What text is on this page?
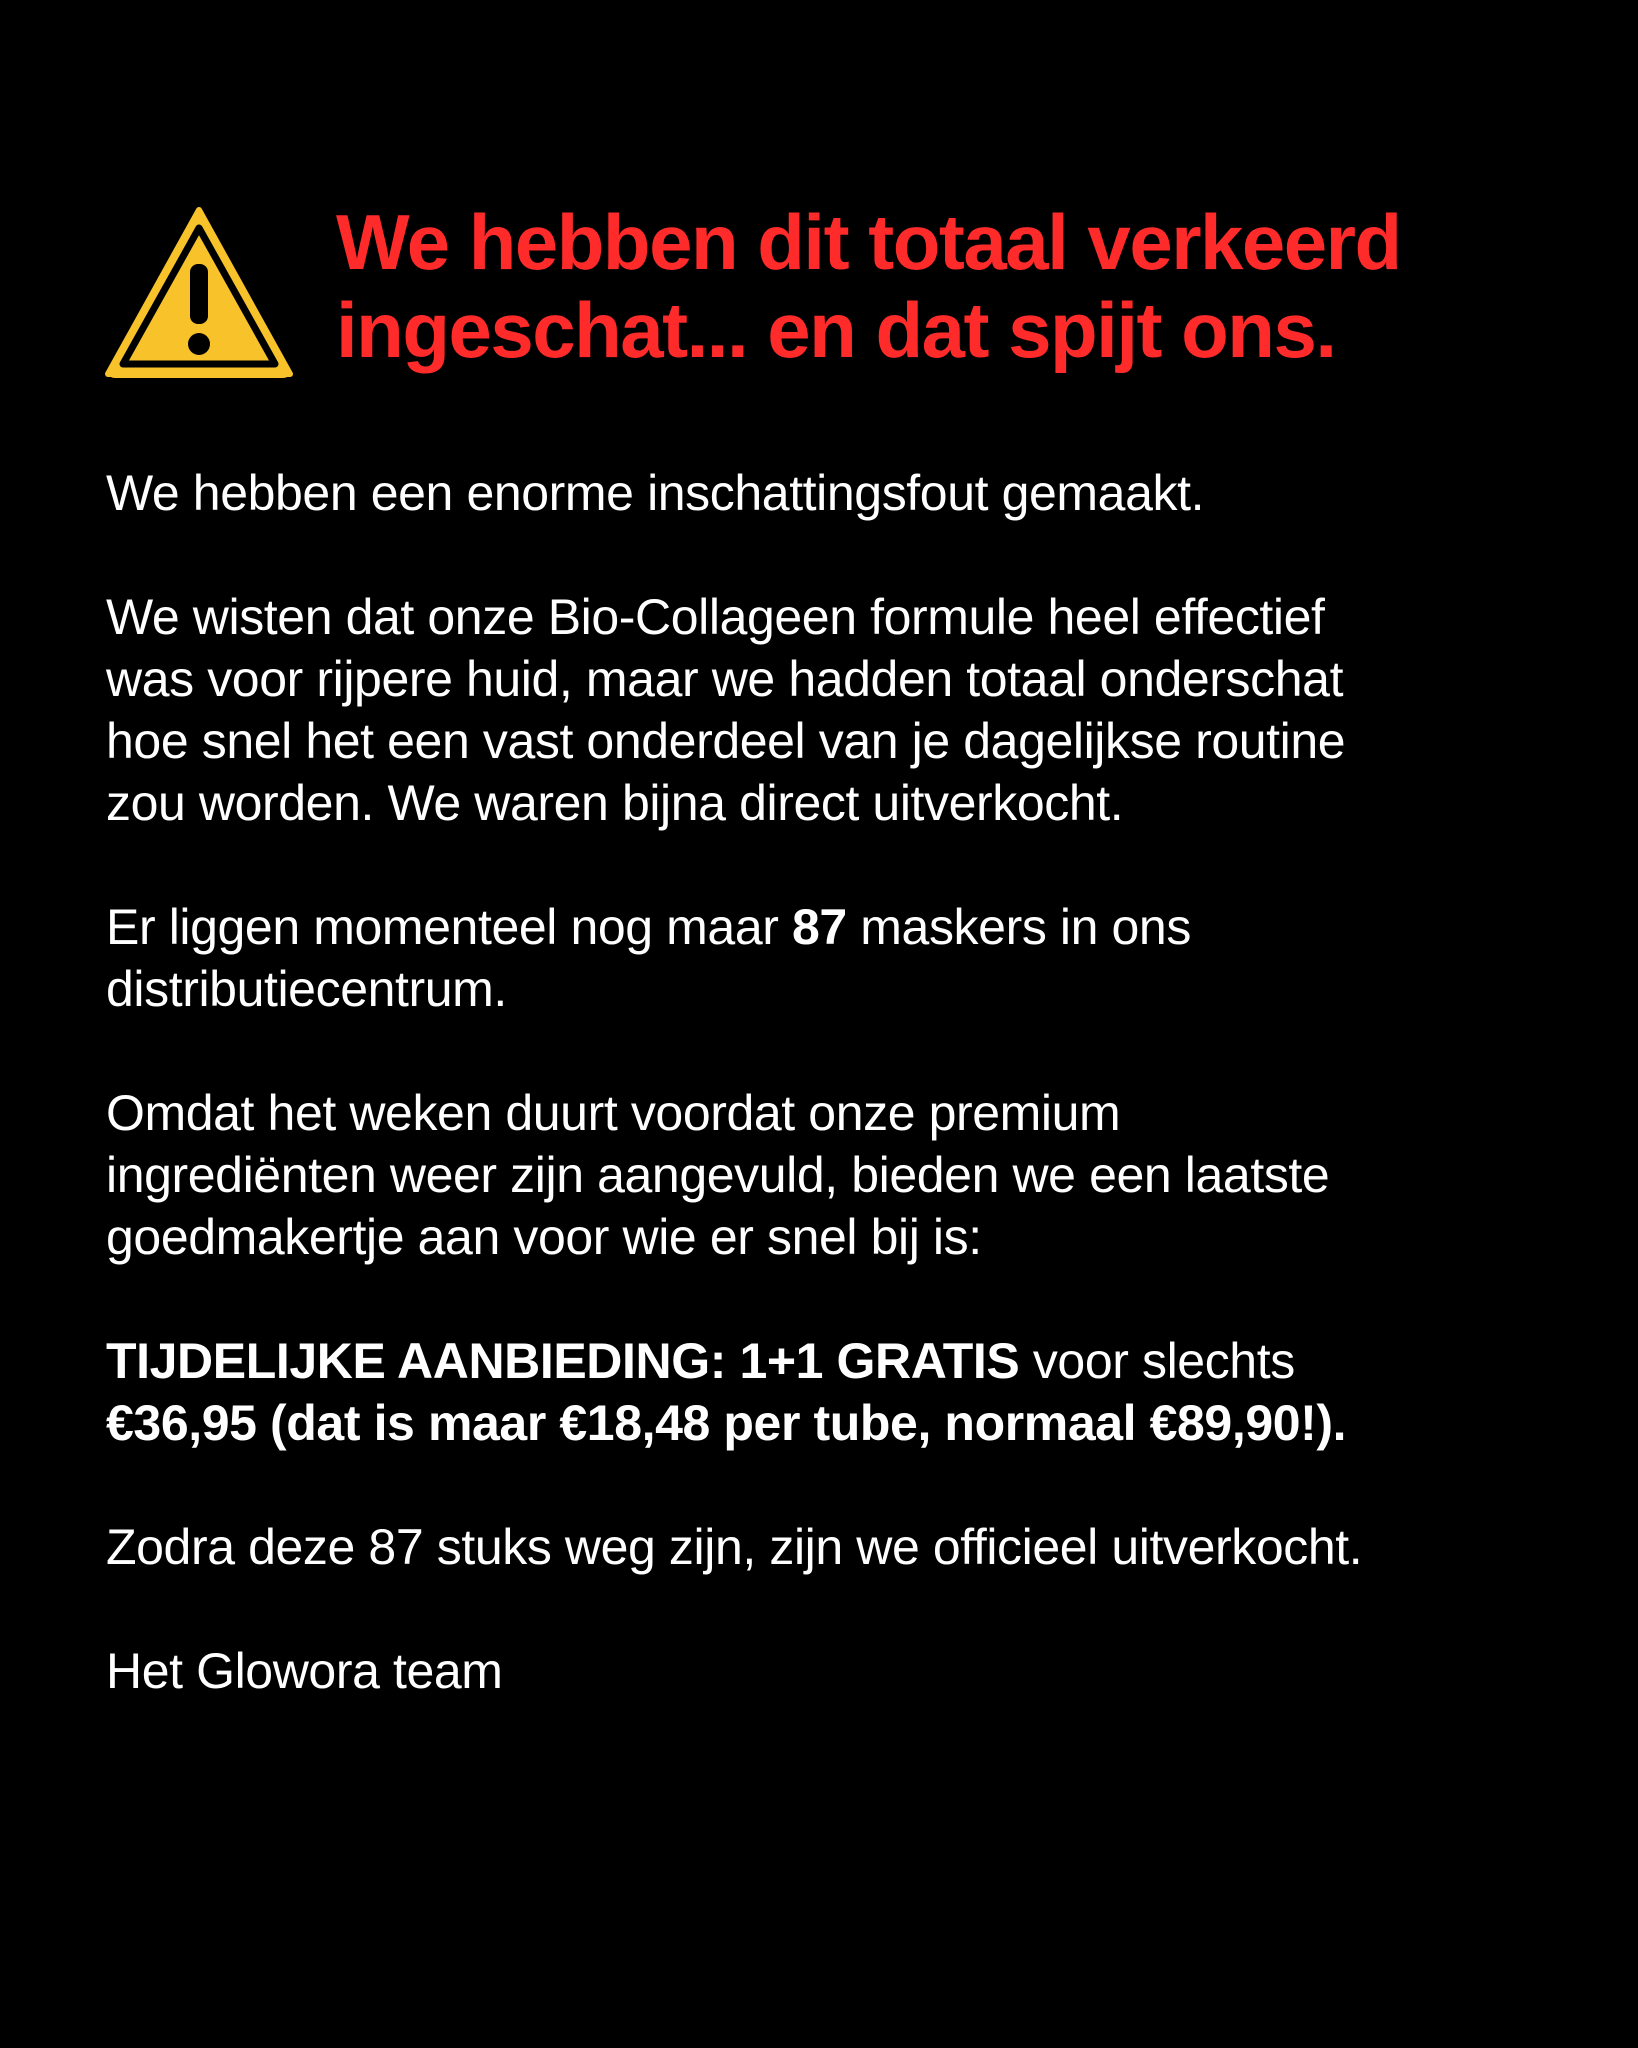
We hebben dit totaal verkeerd
ingeschat... en dat spijt ons.

We hebben een enorme inschattingsfout gemaakt.

We wisten dat onze Bio-Collageen formule heel effectief
was voor rijpere huid, maar we hadden totaal onderschat
hoe snel het een vast onderdeel van je dagelijkse routine
zou worden. We waren bijna direct uitverkocht.

Er liggen momenteel nog maar 87 maskers in ons
distributiecentrum.

Omdat het weken duurt voordat onze premium
ingrediënten weer zijn aangevuld, bieden we een laatste
goedmakertje aan voor wie er snel bij is:

TIJDELIJKE AANBIEDING: 1+1 GRATIS voor slechts
€36,95 (dat is maar €18,48 per tube, normaal €89,90!).

Zodra deze 87 stuks weg zijn, zijn we officieel uitverkocht.

Het Glowora team
